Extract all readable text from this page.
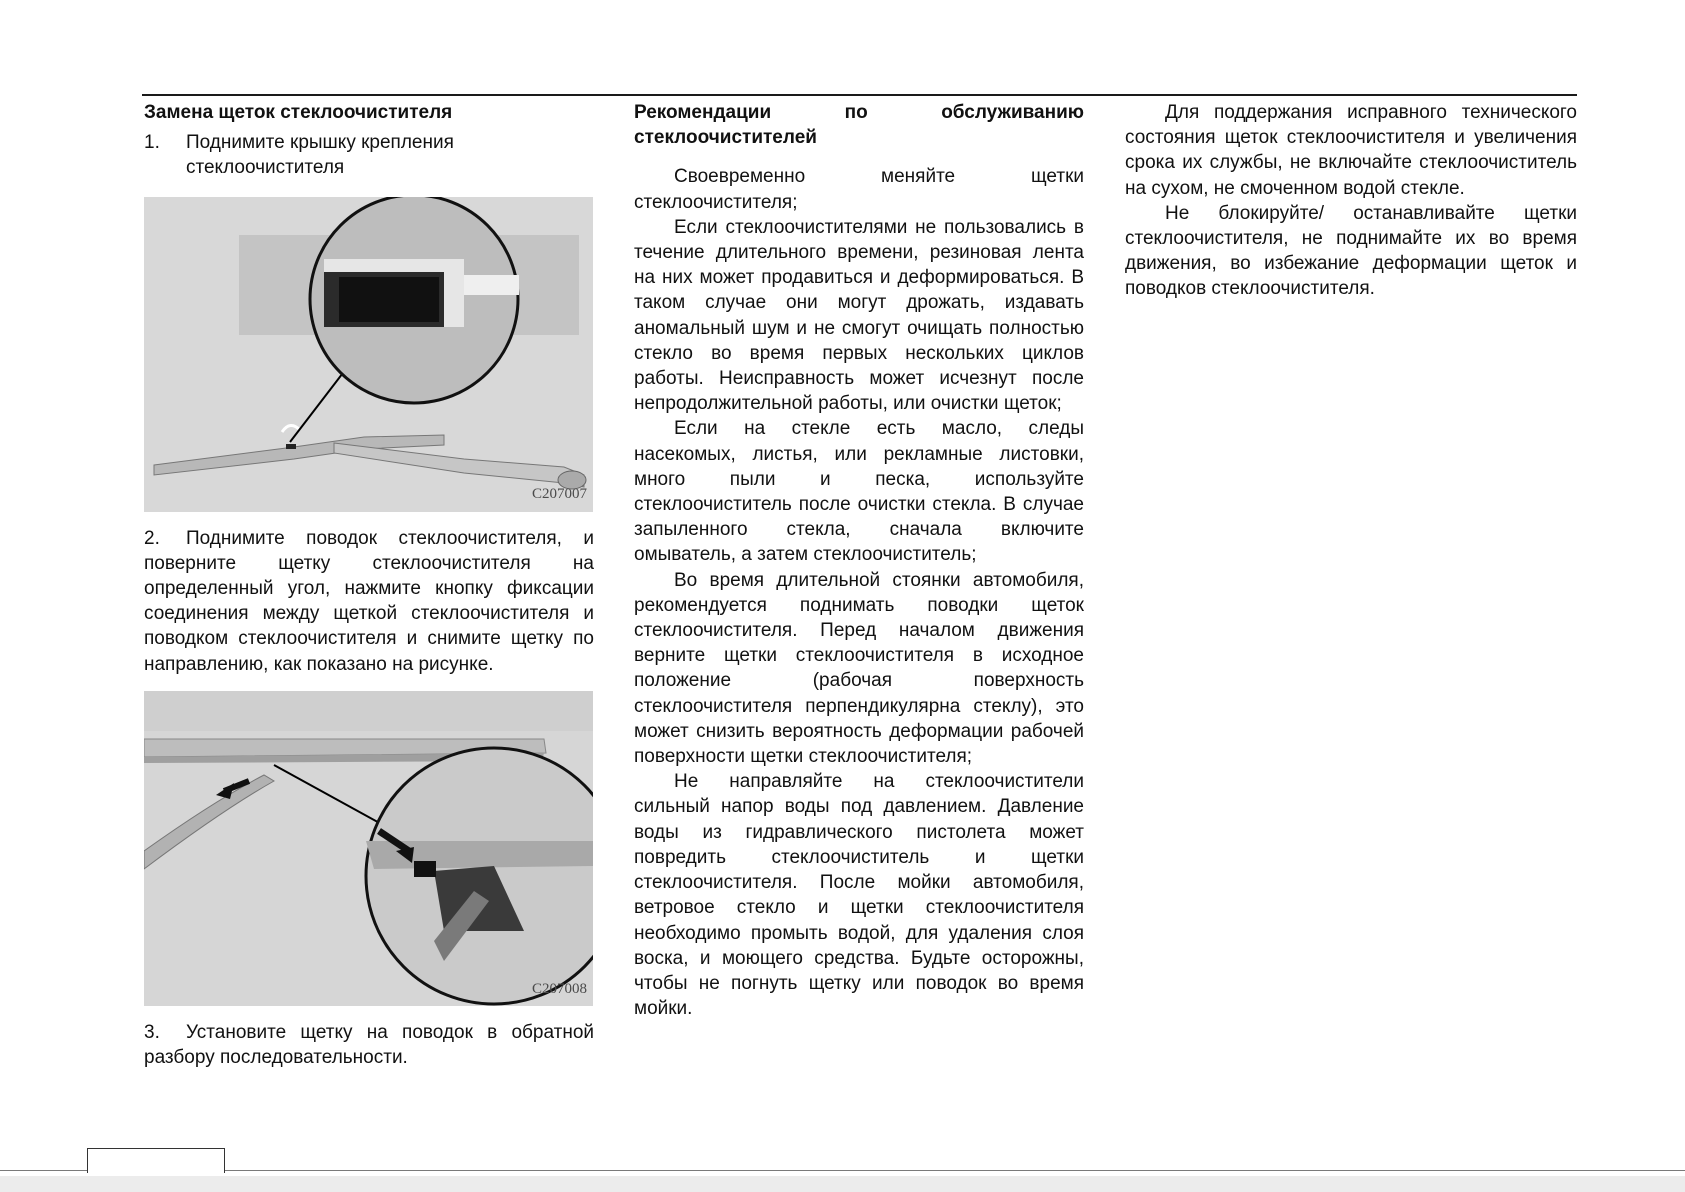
Замена щеток стеклоочистителя
1.	Поднимите крышку крепления стеклоочистителя
C207007

2. Поднимите поводок стеклоочистителя, и поверните щетку стеклоочистителя на определенный угол, нажмите кнопку фиксации соединения между щеткой стеклоочистителя и поводком стеклоочистителя и снимите щетку по направлению, как показано на рисунке.

C207008

3. Установите щетку на поводок в обратной разбору последовательности.

Рекомендации по обслуживанию стеклоочистителей

Своевременно меняйте щетки стеклоочистителя;

Если стеклоочистителями не пользовались в течение длительного времени, резиновая лента на них может продавиться и деформироваться. В таком случае они могут дрожать, издавать аномальный шум и не смогут очищать полностью стекло во время первых нескольких циклов работы. Неисправность может исчезнут после непродолжительной работы, или очистки щеток;

Если на стекле есть масло, следы насекомых, листья, или рекламные листовки, много пыли и песка, используйте стеклоочиститель после очистки стекла. В случае запыленного стекла, сначала включите омыватель, а затем стеклоочиститель;

Во время длительной стоянки автомобиля, рекомендуется поднимать поводки щеток стеклоочистителя. Перед началом движения верните щетки стеклоочистителя в исходное положение (рабочая поверхность стеклоочистителя перпендикулярна стеклу), это может снизить вероятность деформации рабочей поверхности щетки стеклоочистителя;

Не направляйте на стеклоочистители сильный напор воды под давлением. Давление воды из гидравлического пистолета может повредить стеклоочиститель и щетки стеклоочистителя. После мойки автомобиля, ветровое стекло и щетки стеклоочистителя необходимо промыть водой, для удаления слоя воска, и моющего средства. Будьте осторожны, чтобы не погнуть щетку или поводок во время мойки.

Для поддержания исправного технического состояния щеток стеклоочистителя и увеличения срока их службы, не включайте стеклоочиститель на сухом, не смоченном водой стекле.

Не блокируйте/ останавливайте щетки стеклоочистителя, не поднимайте их во время движения, во избежание деформации щеток и поводков стеклоочистителя.
